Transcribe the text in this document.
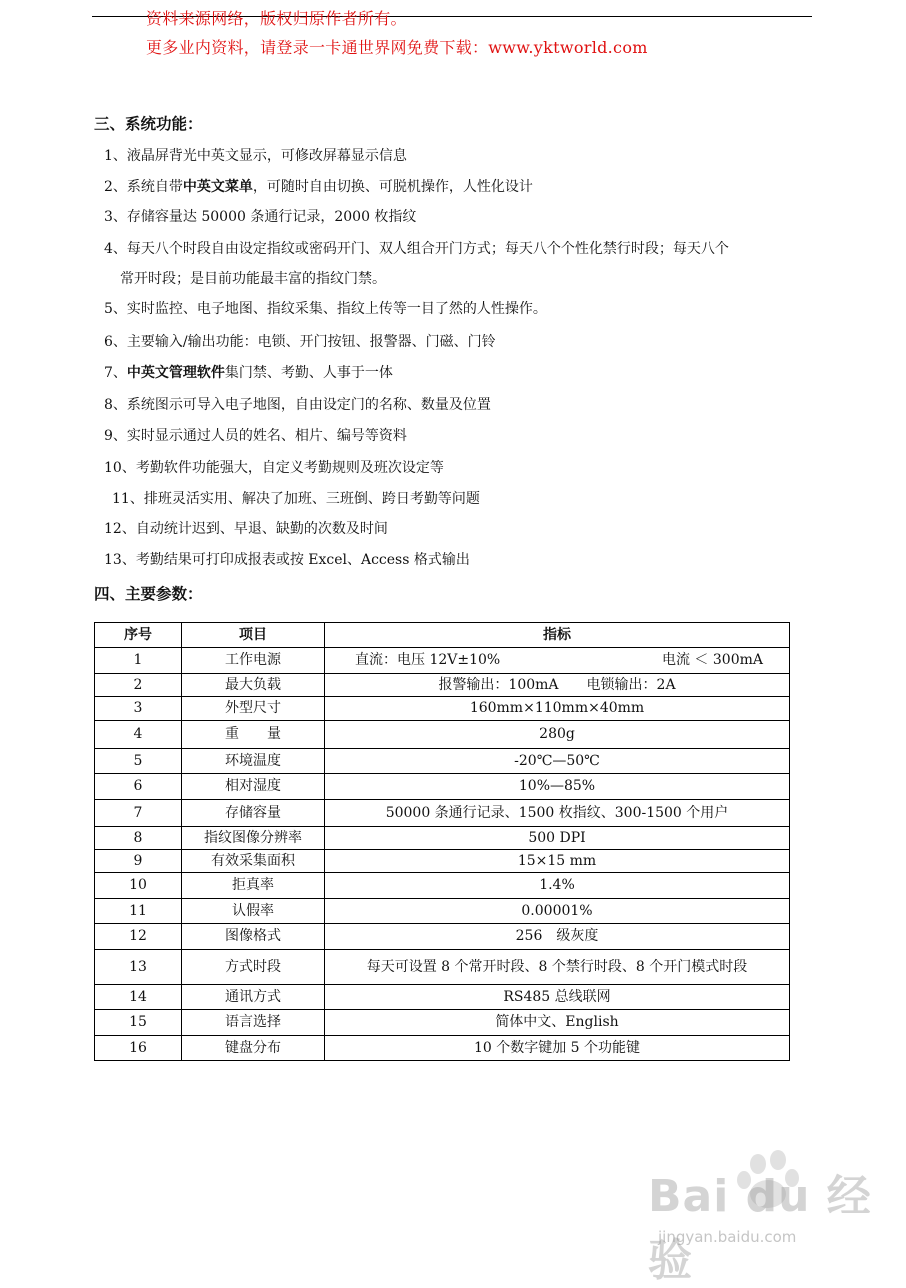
资料来源网络，版权归原作者所有。
更多业内资料，请登录一卡通世界网免费下载：www.yktworld.com
三、系统功能：
1、液晶屏背光中英文显示，可修改屏幕显示信息
2、系统自带中英文菜单，可随时自由切换、可脱机操作，人性化设计
3、存储容量达 50000 条通行记录，2000 枚指纹
4、每天八个时段自由设定指纹或密码开门、双人组合开门方式；每天八个个性化禁行时段；每天八个
常开时段；是目前功能最丰富的指纹门禁。
5、实时监控、电子地图、指纹采集、指纹上传等一目了然的人性操作。
6、主要输入/输出功能：电锁、开门按钮、报警器、门磁、门铃
7、中英文管理软件集门禁、考勤、人事于一体
8、系统图示可导入电子地图，自由设定门的名称、数量及位置
9、实时显示通过人员的姓名、相片、编号等资料
10、考勤软件功能强大，自定义考勤规则及班次设定等
11、排班灵活实用、解决了加班、三班倒、跨日考勤等问题
12、自动统计迟到、早退、缺勤的次数及时间
13、考勤结果可打印成报表或按 Excel、Access 格式输出
四、主要参数：
序号	项目	指标
1	工作电源	直流：电压 12V±10% 电流 ＜ 300mA

2	最大负载	报警输出：100mA　　电锁输出：2A
3	外型尺寸	160mm×110mm×40mm
4	重　　量	280g
5	环境温度	-20℃—50℃
6	相对湿度	10%—85%
7	存储容量	50000 条通行记录、1500 枚指纹、300-1500 个用户
8	指纹图像分辨率	500 DPI
9	有效采集面积	15×15 mm
10	拒真率	1.4%
11	认假率	0.00001%
12	图像格式	256　级灰度
13	方式时段	每天可设置 8 个常开时段、8 个禁行时段、8 个开门模式时段
14	通讯方式	RS485 总线联网
15	语言选择	简体中文、English
16	键盘分布	10 个数字键加 5 个功能键
Bai du 经验
jingyan.baidu.com
